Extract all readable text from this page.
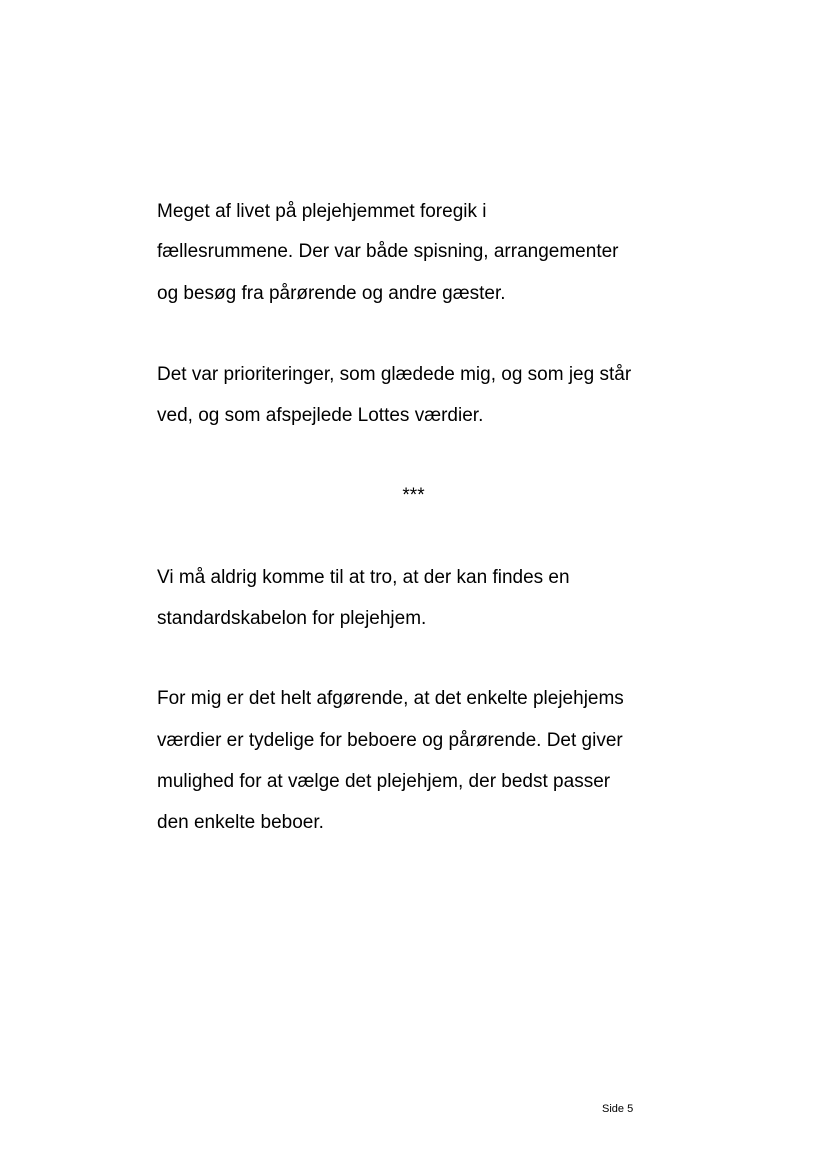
Meget af livet på plejehjemmet foregik i

fællesrummene. Der var både spisning, arrangementer

og besøg fra pårørende og andre gæster.

Det var prioriteringer, som glædede mig, og som jeg står

ved, og som afspejlede Lottes værdier.

***

Vi må aldrig komme til at tro, at der kan findes en

standardskabelon for plejehjem.

For mig er det helt afgørende, at det enkelte plejehjems

værdier er tydelige for beboere og pårørende. Det giver

mulighed for at vælge det plejehjem, der bedst passer

den enkelte beboer.

Side 5
